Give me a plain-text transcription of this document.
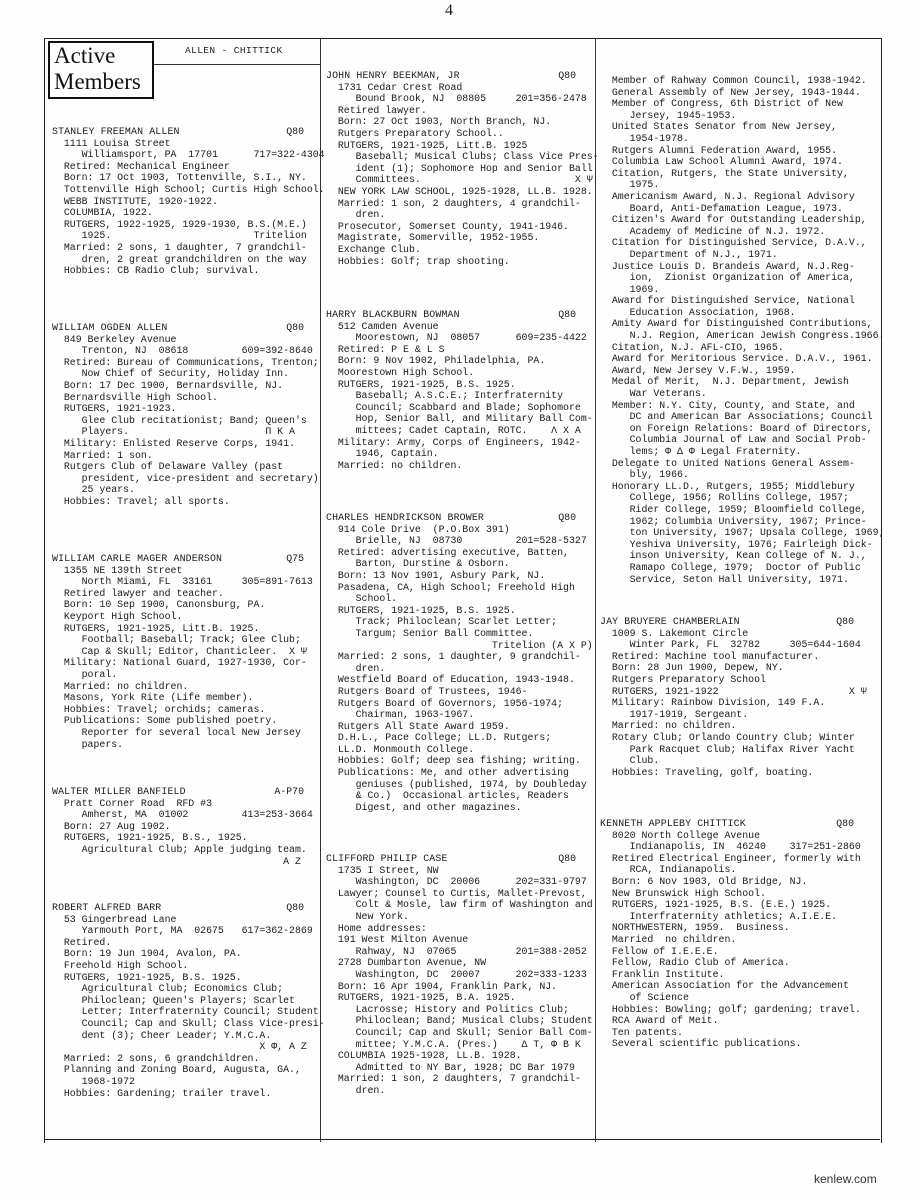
4
Active
Members
ALLEN - CHITTICK
STANLEY FREEMAN ALLEN	Q80
1111 Louisa Street
Williamsport, PA  17701      717=322-4304
Retired: Mechanical Engineer
Born: 17 Oct 1903, Tottenville, S.I., NY.
Tottenville High School; Curtis High School.
WEBB INSTITUTE, 1920-1922.
COLUMBIA, 1922.
RUTGERS, 1922-1925, 1929-1930, B.S.(M.E.)
1925.                        Tritelion
Married: 2 sons, 1 daughter, 7 grandchil-
dren, 2 great grandchildren on the way
Hobbies: CB Radio Club; survival.
WILLIAM OGDEN ALLEN	Q80
849 Berkeley Avenue
Trenton, NJ  08618         609=392-8640
Retired: Bureau of Communications, Trenton;
Now Chief of Security, Holiday Inn.
Born: 17 Dec 1900, Bernardsville, NJ.
Bernardsville High School.
RUTGERS, 1921-1923.
Glee Club recitationist; Band; Queen's
Players.                       Π K A
Military: Enlisted Reserve Corps, 1941.
Married: 1 son.
Rutgers Club of Delaware Valley (past
president, vice-president and secretary)
25 years.
Hobbies: Travel; all sports.
WILLIAM CARLE MAGER ANDERSON	Q75
1355 NE 139th Street
North Miami, FL  33161     305=891-7613
Retired lawyer and teacher.
Born: 10 Sep 1900, Canonsburg, PA.
Keyport High School.
RUTGERS, 1921-1925, Litt.B. 1925.
Football; Baseball; Track; Glee Club;
Cap & Skull; Editor, Chanticleer.  X Ψ
Military: National Guard, 1927-1930, Cor-
poral.
Married: no children.
Masons, York Rite (Life member).
Hobbies: Travel; orchids; cameras.
Publications: Some published poetry.
Reporter for several local New Jersey
papers.
WALTER MILLER BANFIELD	A-P70
Pratt Corner Road  RFD #3
Amherst, MA  01002         413=253-3664
Born: 27 Aug 1902.
RUTGERS, 1921-1925, B.S., 1925.
Agricultural Club; Apple judging team.
A Z
ROBERT ALFRED BARR	Q80
53 Gingerbread Lane
Yarmouth Port, MA  02675   617=362-2869
Retired.
Born: 19 Jun 1904, Avalon, PA.
Freehold High School.
RUTGERS, 1921-1925, B.S. 1925.
Agricultural Club; Economics Club;
Philoclean; Queen's Players; Scarlet
Letter; Interfraternity Council; Student
Council; Cap and Skull; Class Vice-presi-
dent (3); Cheer Leader; Y.M.C.A.
X Φ, A Z
Married: 2 sons, 6 grandchildren.
Planning and Zoning Board, Augusta, GA.,
1968-1972
Hobbies: Gardening; trailer travel.
JOHN HENRY BEEKMAN, JR	Q80
1731 Cedar Crest Road
Bound Brook, NJ  08805     201=356-2478
Retired lawyer.
Born: 27 Oct 1903, North Branch, NJ.
Rutgers Preparatory School..
RUTGERS, 1921-1925, Litt.B. 1925
Baseball; Musical Clubs; Class Vice Pres-
ident (1); Sophomore Hop and Senior Ball
Committees.                          X Ψ
NEW YORK LAW SCHOOL, 1925-1928, LL.B. 1928.
Married: 1 son, 2 daughters, 4 grandchil-
dren.
Prosecutor, Somerset County, 1941-1946.
Magistrate, Somerville, 1952-1955.
Exchange Club.
Hobbies: Golf; trap shooting.
HARRY BLACKBURN BOWMAN	Q80
512 Camden Avenue
Moorestown, NJ  08057      609=235-4422
Retired: P E & L S
Born: 9 Nov 1902, Philadelphia, PA.
Moorestown High School.
RUTGERS, 1921-1925, B.S. 1925.
Baseball; A.S.C.E.; Interfraternity
Council; Scabbard and Blade; Sophomore
Hop, Senior Ball, and Military Ball Com-
mittees; Cadet Captain, ROTC.    Λ X A
Military: Army, Corps of Engineers, 1942-
1946, Captain.
Married: no children.
CHARLES HENDRICKSON BROWER	Q80
914 Cole Drive  (P.O.Box 391)
Brielle, NJ  08730         201=528-5327
Retired: advertising executive, Batten,
Barton, Durstine & Osborn.
Born: 13 Nov 1901, Asbury Park, NJ.
Pasadena, CA, High School; Freehold High
School.
RUTGERS, 1921-1925, B.S. 1925.
Track; Philoclean; Scarlet Letter;
Targum; Senior Ball Committee.
Tritelion (A X P)
Married: 2 sons, 1 daughter, 9 grandchil-
dren.
Westfield Board of Education, 1943-1948.
Rutgers Board of Trustees, 1946-
Rutgers Board of Governors, 1956-1974;
Chairman, 1963-1967.
Rutgers All State Award 1959.
D.H.L., Pace College; LL.D. Rutgers;
LL.D. Monmouth College.
Hobbies: Golf; deep sea fishing; writing.
Publications: Me, and other advertising
geniuses (published, 1974, by Doubleday
& Co.)  Occasional articles, Readers
Digest, and other magazines.
CLIFFORD PHILIP CASE	Q80
1735 I Street, NW
Washington, DC  20006      202=331-9797
Lawyer; Counsel to Curtis, Mallet-Prevost,
Colt & Mosle, law firm of Washington and
New York.
Home addresses:
191 West Milton Avenue
Rahway, NJ  07065          201=388-2052
2728 Dumbarton Avenue, NW
Washington, DC  20007      202=333-1233
Born: 16 Apr 1904, Franklin Park, NJ.
RUTGERS, 1921-1925, B.A. 1925.
Lacrosse; History and Politics Club;
Philoclean; Band; Musical Clubs; Student
Council; Cap and Skull; Senior Ball Com-
mittee; Y.M.C.A. (Pres.)    Δ T, Φ B K
COLUMBIA 1925-1928, LL.B. 1928.
Admitted to NY Bar, 1928; DC Bar 1979
Married: 1 son, 2 daughters, 7 grandchil-
dren.
Member of Rahway Common Council, 1938-1942.
General Assembly of New Jersey, 1943-1944.
Member of Congress, 6th District of New
Jersey, 1945-1953.
United States Senator from New Jersey,
1954-1978.
Rutgers Alumni Federation Award, 1955.
Columbia Law School Alumni Award, 1974.
Citation, Rutgers, the State University,
1975.
Americanism Award, N.J. Regional Advisory
Board, Anti-Defamation League, 1973.
Citizen's Award for Outstanding Leadership,
Academy of Medicine of N.J. 1972.
Citation for Distinguished Service, D.A.V.,
Department of N.J., 1971.
Justice Louis D. Brandeis Award, N.J.Reg-
ion,  Zionist Organization of America,
1969.
Award for Distinguished Service, National
Education Association, 1968.
Amity Award for Distinguished Contributions,
N.J. Region, American Jewish Congress.1966.
Citation, N.J. AFL-CIO, 1965.
Award for Meritorious Service. D.A.V., 1961.
Award, New Jersey V.F.W., 1959.
Medal of Merit,  N.J. Department, Jewish
War Veterans.
Member: N.Y. City, County, and State, and
DC and American Bar Associations; Council
on Foreign Relations: Board of Directors,
Columbia Journal of Law and Social Prob-
lems; Φ Δ Φ Legal Fraternity.
Delegate to United Nations General Assem-
bly, 1966.
Honorary LL.D., Rutgers, 1955; Middlebury
College, 1956; Rollins College, 1957;
Rider College, 1959; Bloomfield College,
1962; Columbia University, 1967; Prince-
ton University, 1967; Upsala College, 1969;
Yeshiva University, 1976; Fairleigh Dick-
inson University, Kean College of N. J.,
Ramapo College, 1979;  Doctor of Public
Service, Seton Hall University, 1971.
JAY BRUYERE CHAMBERLAIN	Q80
1009 S. Lakemont Circle
Winter Park, FL  32782     305=644-1604
Retired: Machine tool manufacturer.
Born: 28 Jun 1900, Depew, NY.
Rutgers Preparatory School
RUTGERS, 1921-1922                      X Ψ
Military: Rainbow Division, 149 F.A.
1917-1919, Sergeant.
Married: no children.
Rotary Club; Orlando Country Club; Winter
Park Racquet Club; Halifax River Yacht
Club.
Hobbies: Traveling, golf, boating.
KENNETH APPLEBY CHITTICK	Q80
8020 North College Avenue
Indianapolis, IN  46240    317=251-2860
Retired Electrical Engineer, formerly with
RCA, Indianapolis.
Born: 6 Nov 1903, Old Bridge, NJ.
New Brunswick High School.
RUTGERS, 1921-1925, B.S. (E.E.) 1925.
Interfraternity athletics; A.I.E.E.
NORTHWESTERN, 1959.  Business.
Married  no children.
Fellow of I.E.E.E.
Fellow, Radio Club of America.
Franklin Institute.
American Association for the Advancement
of Science
Hobbies: Bowling; golf; gardening; travel.
RCA Award of Meit.
Ten patents.
Several scientific publications.
kenlew.com
